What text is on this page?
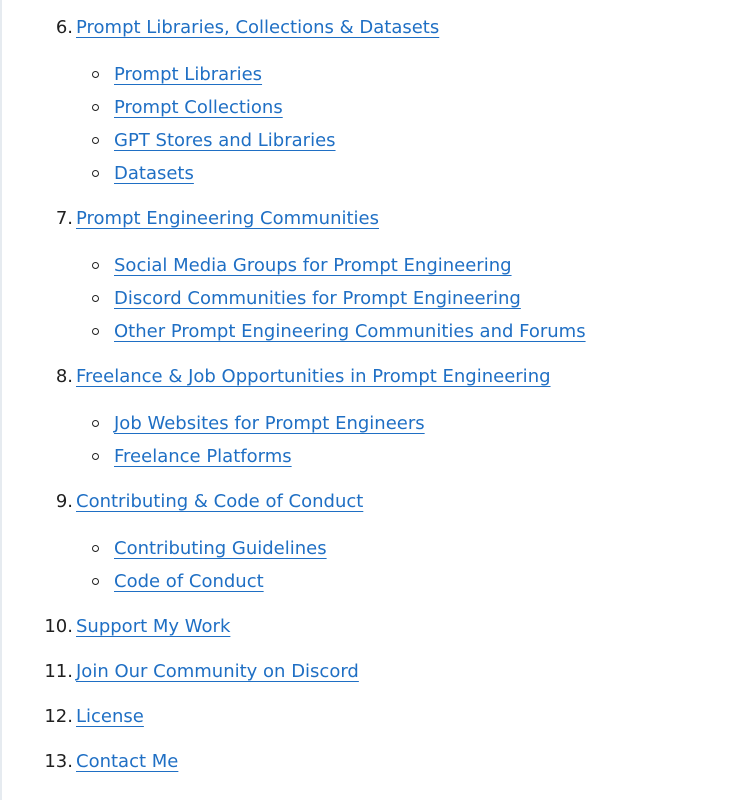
6. Prompt Libraries, Collections & Datasets
Prompt Libraries
Prompt Collections
GPT Stores and Libraries
Datasets
7. Prompt Engineering Communities
Social Media Groups for Prompt Engineering
Discord Communities for Prompt Engineering
Other Prompt Engineering Communities and Forums
8. Freelance & Job Opportunities in Prompt Engineering
Job Websites for Prompt Engineers
Freelance Platforms
9. Contributing & Code of Conduct
Contributing Guidelines
Code of Conduct
10. Support My Work
11. Join Our Community on Discord
12. License
13. Contact Me
